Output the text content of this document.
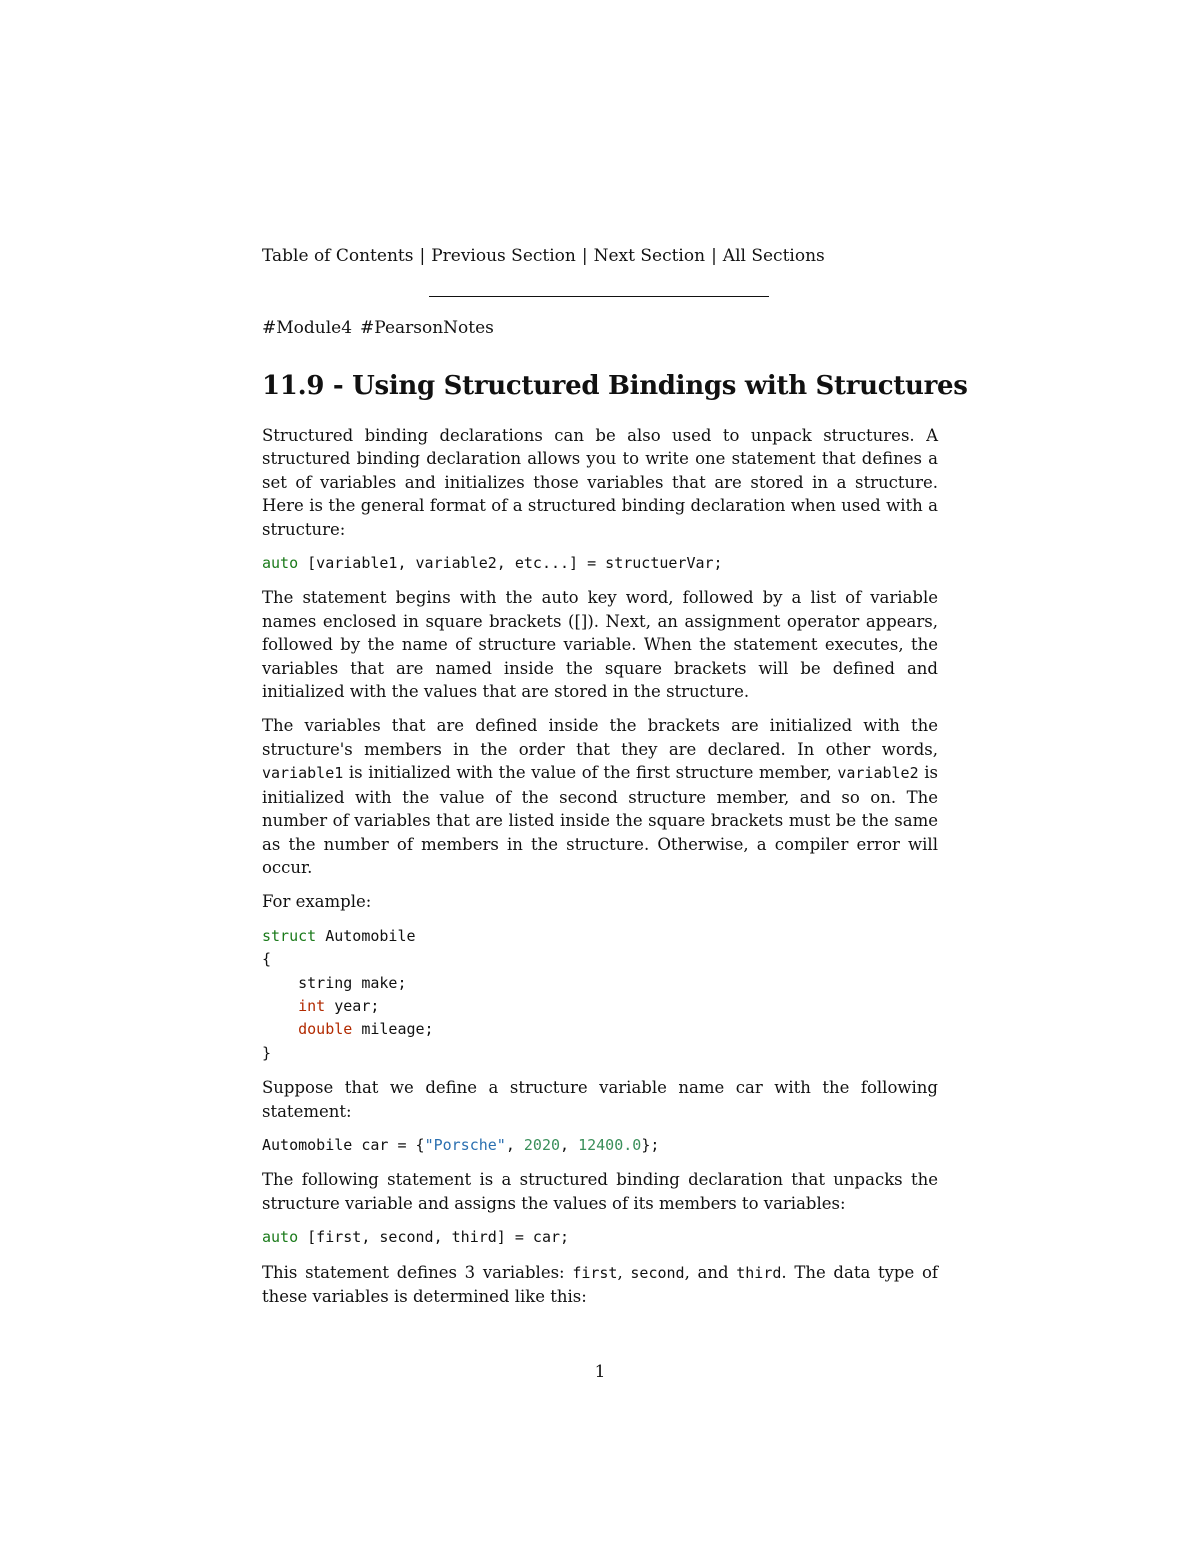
Table of Contents | Previous Section | Next Section | All Sections
#Module4 #PearsonNotes
11.9 - Using Structured Bindings with Structures

Structured binding declarations can be also used to unpack structures. A structured binding declaration allows you to write one statement that defines a set of variables and initializes those variables that are stored in a structure. Here is the general format of a structured binding declaration when used with a structure:

auto [variable1, variable2, etc...] = structuerVar;

The statement begins with the auto key word, followed by a list of variable names enclosed in square brackets ([]). Next, an assignment operator appears, followed by the name of structure variable. When the statement executes, the variables that are named inside the square brackets will be defined and initialized with the values that are stored in the structure.

The variables that are defined inside the brackets are initialized with the structure's members in the order that they are declared. In other words, variable1 is initialized with the value of the first structure member, variable2 is initialized with the value of the second structure member, and so on. The number of variables that are listed inside the square brackets must be the same as the number of members in the structure. Otherwise, a compiler error will occur.

For example:

struct Automobile
{
string make;
int year;
double mileage;
}

Suppose that we define a structure variable name car with the following statement:

Automobile car = {"Porsche", 2020, 12400.0};

The following statement is a structured binding declaration that unpacks the structure variable and assigns the values of its members to variables:

auto [first, second, third] = car;

This statement defines 3 variables: first, second, and third. The data type of these variables is determined like this:

1
